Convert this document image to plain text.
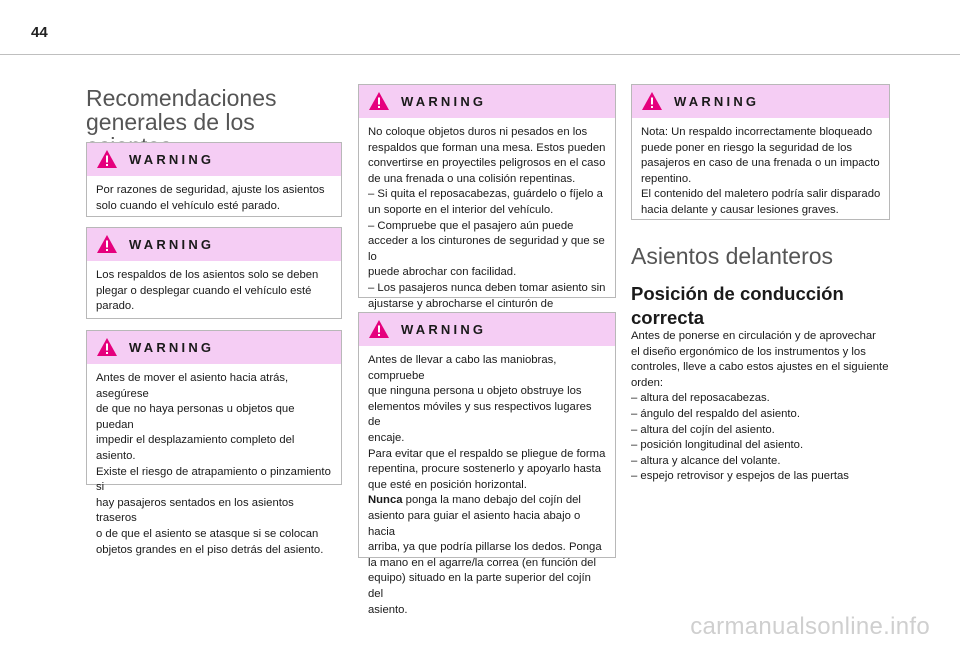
44
Recomendaciones
generales de los
WARNING

Por razones de seguridad, ajuste los asientos

solo cuando el vehículo esté parado.

WARNING

Los respaldos de los asientos solo se deben

plegar o desplegar cuando el vehículo esté

parado.

WARNING

Antes de mover el asiento hacia atrás, asegúrese

de que no haya personas u objetos que puedan

impedir el desplazamiento completo del asiento.

Existe el riesgo de atrapamiento o pinzamiento si

hay pasajeros sentados en los asientos traseros

o de que el asiento se atasque si se colocan

objetos grandes en el piso detrás del asiento.

WARNING

No coloque objetos duros ni pesados en los

respaldos que forman una mesa. Estos pueden

convertirse en proyectiles peligrosos en el caso

de una frenada o una colisión repentinas.

– Si quita el reposacabezas, guárdelo o fíjelo a

un soporte en el interior del vehículo.

– Compruebe que el pasajero aún puede

acceder a los cinturones de seguridad y que se lo

puede abrochar con facilidad.

– Los pasajeros nunca deben tomar asiento sin

ajustarse y abrocharse el cinturón de

WARNING

Antes de llevar a cabo las maniobras, compruebe

que ninguna persona u objeto obstruye los

elementos móviles y sus respectivos lugares de

encaje.

Para evitar que el respaldo se pliegue de forma

repentina, procure sostenerlo y apoyarlo hasta

que esté en posición horizontal.

Nunca ponga la mano debajo del cojín del

asiento para guiar el asiento hacia abajo o hacia

arriba, ya que podría pillarse los dedos. Ponga

la mano en el agarre/la correa (en función del

equipo) situado en la parte superior del cojín del

asiento.

WARNING

Nota: Un respaldo incorrectamente bloqueado

puede poner en riesgo la seguridad de los

pasajeros en caso de una frenada o un impacto

repentino.

El contenido del maletero podría salir disparado

hacia delante y causar lesiones graves.

Asientos delanteros
Posición de conducción
correcta

Antes de ponerse en circulación y de aprovechar

el diseño ergonómico de los instrumentos y los

controles, lleve a cabo estos ajustes en el siguiente

orden:

– altura del reposacabezas.

– ángulo del respaldo del asiento.

– altura del cojín del asiento.

– posición longitudinal del asiento.

– altura y alcance del volante.

– espejo retrovisor y espejos de las puertas

carmanualsonline.info
